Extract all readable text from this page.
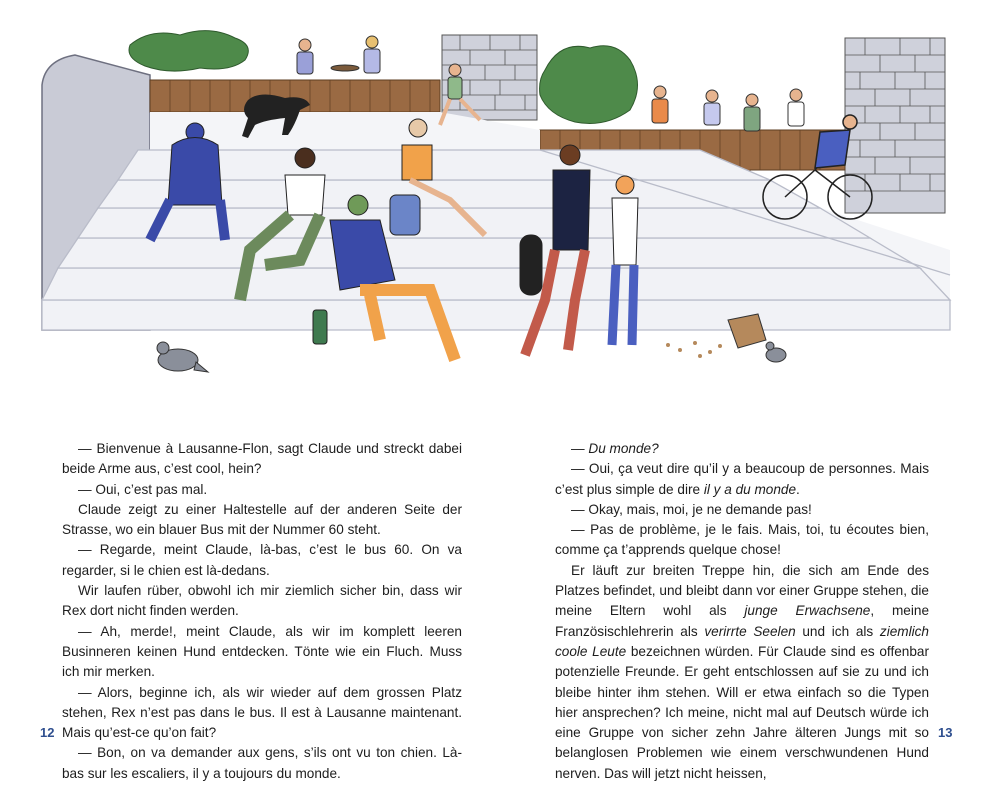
— Bienvenue à Lausanne-Flon, sagt Claude und streckt dabei beide Arme aus, c’est cool, hein?

— Oui, c’est pas mal.

Claude zeigt zu einer Haltestelle auf der anderen Seite der Strasse, wo ein blauer Bus mit der Nummer 60 steht.

— Regarde, meint Claude, là-bas, c’est le bus 60. On va regarder, si le chien est là-dedans.

Wir laufen rüber, obwohl ich mir ziemlich sicher bin, dass wir Rex dort nicht finden werden.

— Ah, merde!, meint Claude, als wir im komplett leeren Businneren keinen Hund entdecken. Tönte wie ein Fluch. Muss ich mir merken.

— Alors, beginne ich, als wir wieder auf dem grossen Platz stehen, Rex n’est pas dans le bus. Il est à Lausanne maintenant. Mais qu’est-ce qu’on fait?

— Bon, on va demander aux gens, s’ils ont vu ton chien. Là-bas sur les escaliers, il y a toujours du monde.

— Du monde?

— Oui, ça veut dire qu’il y a beaucoup de personnes. Mais c’est plus simple de dire il y a du monde.

— Okay, mais, moi, je ne demande pas!

— Pas de problème, je le fais. Mais, toi, tu écoutes bien, comme ça t’apprends quelque chose!

Er läuft zur breiten Treppe hin, die sich am Ende des Platzes befindet, und bleibt dann vor einer Gruppe stehen, die meine Eltern wohl als junge Erwachsene, meine Französischlehrerin als verirrte Seelen und ich als ziemlich coole Leute bezeichnen würden. Für Claude sind es offenbar potenzielle Freunde. Er geht entschlossen auf sie zu und ich bleibe hinter ihm stehen. Will er etwa einfach so die Typen hier ansprechen? Ich meine, nicht mal auf Deutsch würde ich eine Gruppe von sicher zehn Jahre älteren Jungs mit so belanglosen Problemen wie einem verschwundenen Hund nerven. Das will jetzt nicht heissen,

12	13
